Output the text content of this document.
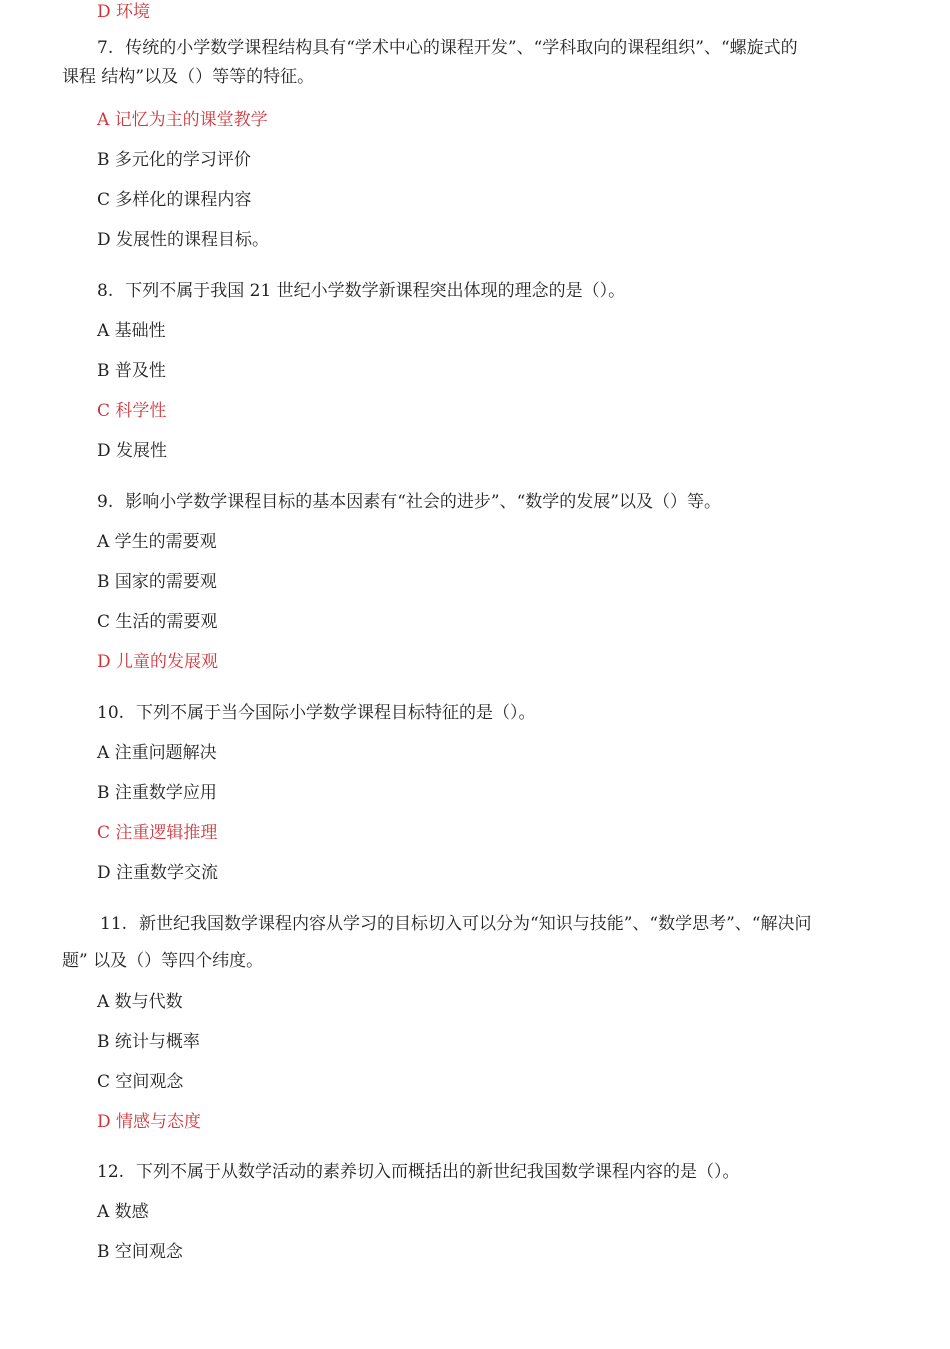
D 环境
7. 传统的小学数学课程结构具有“学术中心的课程开发”、“学科取向的课程组织”、“螺旋式的
课程 结构”以及（）等等的特征。
A 记忆为主的课堂教学
B 多元化的学习评价
C 多样化的课程内容
D 发展性的课程目标。
8. 下列不属于我国 21 世纪小学数学新课程突出体现的理念的是（）。
A 基础性
B 普及性
C 科学性
D 发展性
9. 影响小学数学课程目标的基本因素有“社会的进步”、“数学的发展”以及（）等。
A 学生的需要观
B 国家的需要观
C 生活的需要观
D 儿童的发展观
10. 下列不属于当今国际小学数学课程目标特征的是（）。
A 注重问题解决
B 注重数学应用
C 注重逻辑推理
D 注重数学交流
11. 新世纪我国数学课程内容从学习的目标切入可以分为“知识与技能”、“数学思考”、“解决问
题” 以及（）等四个纬度。
A 数与代数
B 统计与概率
C 空间观念
D 情感与态度
12. 下列不属于从数学活动的素养切入而概括出的新世纪我国数学课程内容的是（）。
A 数感
B 空间观念
